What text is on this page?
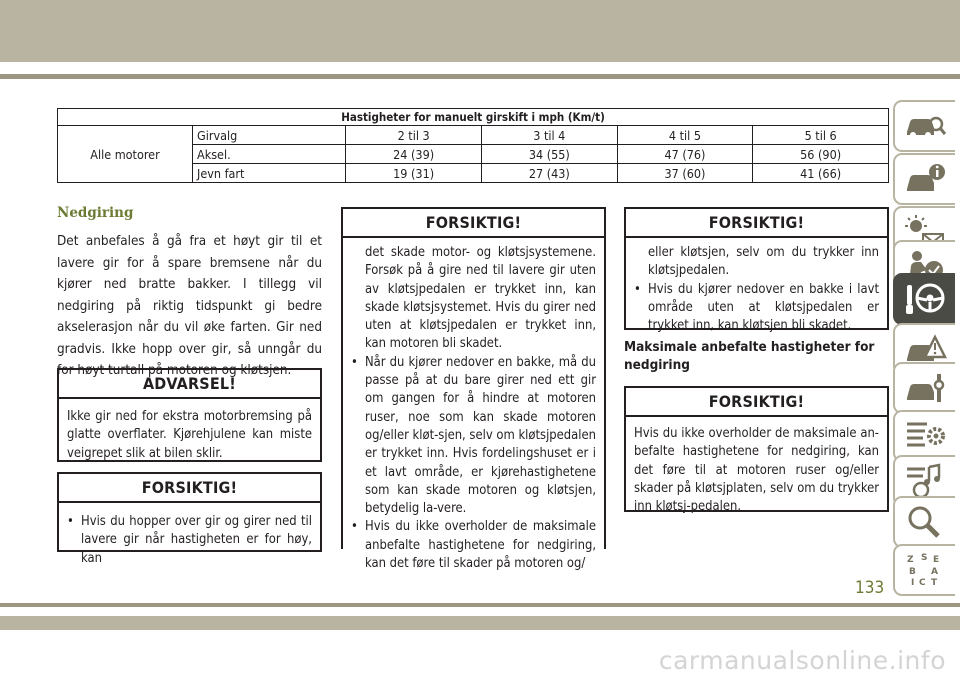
Hastigheter for manuelt girskift i mph (Km/t)					
Alle motorer	Girvalg	2 til 3	3 til 4	4 til 5	5 til 6
	Aksel.	24 (39)	34 (55)	47 (76)	56 (90)
	Jevn fart	19 (31)	27 (43)	37 (60)	41 (66)
Nedgiring

Det anbefales å gå fra et høyt gir til et lavere gir for å spare bremsene når du kjører ned bratte bakker. I tillegg vil nedgiring på riktig tidspunkt gi bedre akselerasjon når du vil øke farten. Gir ned gradvis. Ikke hopp over gir, så unngår du for høyt turtall på motoren og kløtsjen.

ADVARSEL!
Ikke gir ned for ekstra motorbremsing på glatte overflater. Kjørehjulene kan miste veigrepet slik at bilen sklir.
FORSIKTIG!
• Hvis du hopper over gir og girer ned til lavere gir når hastigheten er for høy, kan
FORSIKTIG!
det skade motor- og kløtsjsystemene. Forsøk på å gire ned til lavere gir uten av kløtsjpedalen er trykket inn, kan skade kløtsjsystemet. Hvis du girer ned uten at kløtsjpedalen er trykket inn, kan motoren bli skadet.
• Når du kjører nedover en bakke, må du passe på at du bare girer ned ett gir om gangen for å hindre at motoren ruser, noe som kan skade motoren og/eller kløt-sjen, selv om kløtsjpedalen er trykket inn. Hvis fordelingshuset er i et lavt område, er kjørehastighetene som kan skade motoren og kløtsjen, betydelig la-vere.
• Hvis du ikke overholder de maksimale anbefalte hastighetene for nedgiring, kan det føre til skader på motoren og/
FORSIKTIG!
eller kløtsjen, selv om du trykker inn kløtsjpedalen.
• Hvis du kjører nedover en bakke i lavt område uten at kløtsjpedalen er trykket inn, kan kløtsjen bli skadet.
Maksimale anbefalte hastigheter for nedgiring
FORSIKTIG!
Hvis du ikke overholder de maksimale an-befalte hastighetene for nedgiring, kan det føre til at motoren ruser og/eller skader på kløtsjplaten, selv om du trykker inn kløtsj-pedalen.
Z S E
B A
I C T
133
carmanualsonline.info
